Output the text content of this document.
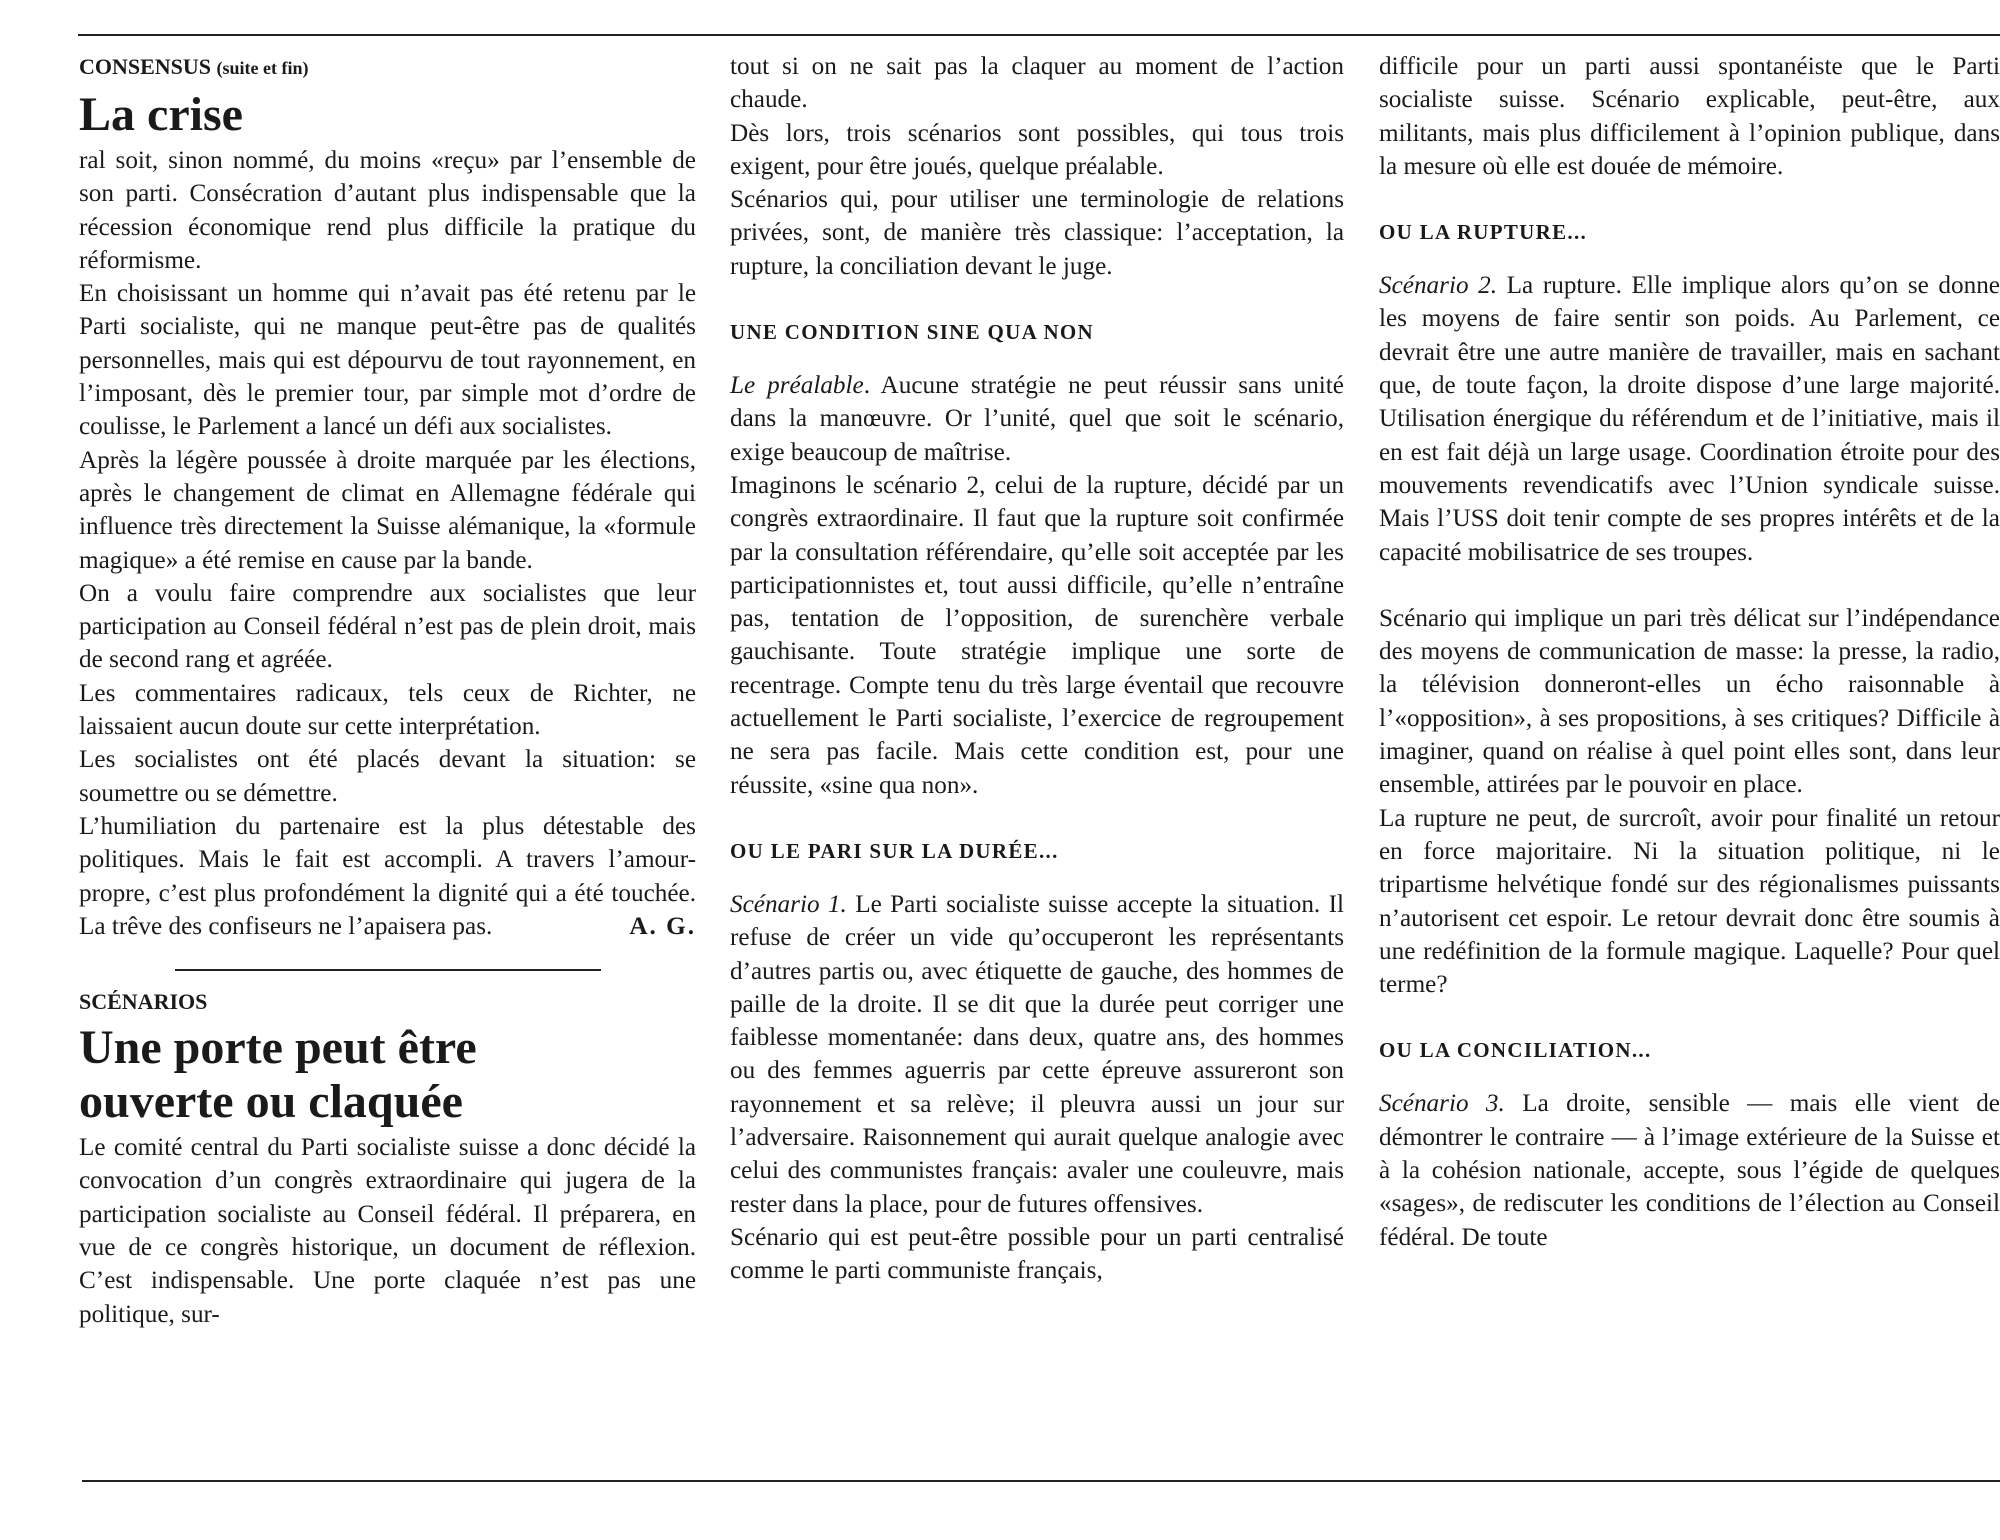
CONSENSUS (suite et fin)
La crise

ral soit, sinon nommé, du moins «reçu» par l’ensemble de son parti. Consécration d’autant plus indispensable que la récession économique rend plus difficile la pratique du réformisme.

En choisissant un homme qui n’avait pas été retenu par le Parti socialiste, qui ne manque peut-être pas de qualités personnelles, mais qui est dépourvu de tout rayonnement, en l’imposant, dès le premier tour, par simple mot d’ordre de coulisse, le Parlement a lancé un défi aux socialistes.

Après la légère poussée à droite marquée par les élections, après le changement de climat en Allemagne fédérale qui influence très directement la Suisse alémanique, la «formule magique» a été remise en cause par la bande.

On a voulu faire comprendre aux socialistes que leur participation au Conseil fédéral n’est pas de plein droit, mais de second rang et agréée.

Les commentaires radicaux, tels ceux de Richter, ne laissaient aucun doute sur cette interprétation.

Les socialistes ont été placés devant la situation: se soumettre ou se démettre.

L’humiliation du partenaire est la plus détestable des politiques. Mais le fait est accompli. A travers l’amour-propre, c’est plus profondément la dignité qui a été touchée. La trêve des confiseurs ne l’apaisera pas.	A. G.

SCÉNARIOS
Une porte peut être
ouverte ou claquée

Le comité central du Parti socialiste suisse a donc décidé la convocation d’un congrès extraordinaire qui jugera de la participation socialiste au Conseil fédéral. Il préparera, en vue de ce congrès historique, un document de réflexion. C’est indispensable. Une porte claquée n’est pas une politique, sur-

tout si on ne sait pas la claquer au moment de l’action chaude.

Dès lors, trois scénarios sont possibles, qui tous trois exigent, pour être joués, quelque préalable.

Scénarios qui, pour utiliser une terminologie de relations privées, sont, de manière très classique: l’acceptation, la rupture, la conciliation devant le juge.

UNE CONDITION SINE QUA NON

Le préalable. Aucune stratégie ne peut réussir sans unité dans la manœuvre. Or l’unité, quel que soit le scénario, exige beaucoup de maîtrise.

Imaginons le scénario 2, celui de la rupture, décidé par un congrès extraordinaire. Il faut que la rupture soit confirmée par la consultation référendaire, qu’elle soit acceptée par les participationnistes et, tout aussi difficile, qu’elle n’entraîne pas, tentation de l’opposition, de surenchère verbale gauchisante. Toute stratégie implique une sorte de recentrage. Compte tenu du très large éventail que recouvre actuellement le Parti socialiste, l’exercice de regroupement ne sera pas facile. Mais cette condition est, pour une réussite, «sine qua non».

OU LE PARI SUR LA DURÉE...

Scénario 1. Le Parti socialiste suisse accepte la situation. Il refuse de créer un vide qu’occuperont les représentants d’autres partis ou, avec étiquette de gauche, des hommes de paille de la droite. Il se dit que la durée peut corriger une faiblesse momentanée: dans deux, quatre ans, des hommes ou des femmes aguerris par cette épreuve assureront son rayonnement et sa relève; il pleuvra aussi un jour sur l’adversaire. Raisonnement qui aurait quelque analogie avec celui des communistes français: avaler une couleuvre, mais rester dans la place, pour de futures offensives.

Scénario qui est peut-être possible pour un parti centralisé comme le parti communiste français,

difficile pour un parti aussi spontanéiste que le Parti socialiste suisse. Scénario explicable, peut-être, aux militants, mais plus difficilement à l’opinion publique, dans la mesure où elle est douée de mémoire.

OU LA RUPTURE...

Scénario 2. La rupture. Elle implique alors qu’on se donne les moyens de faire sentir son poids. Au Parlement, ce devrait être une autre manière de travailler, mais en sachant que, de toute façon, la droite dispose d’une large majorité. Utilisation énergique du référendum et de l’initiative, mais il en est fait déjà un large usage. Coordination étroite pour des mouvements revendicatifs avec l’Union syndicale suisse. Mais l’USS doit tenir compte de ses propres intérêts et de la capacité mobilisatrice de ses troupes.

Scénario qui implique un pari très délicat sur l’indépendance des moyens de communication de masse: la presse, la radio, la télévision donneront-elles un écho raisonnable à l’«opposition», à ses propositions, à ses critiques? Difficile à imaginer, quand on réalise à quel point elles sont, dans leur ensemble, attirées par le pouvoir en place.

La rupture ne peut, de surcroît, avoir pour finalité un retour en force majoritaire. Ni la situation politique, ni le tripartisme helvétique fondé sur des régionalismes puissants n’autorisent cet espoir. Le retour devrait donc être soumis à une redéfinition de la formule magique. Laquelle? Pour quel terme?

OU LA CONCILIATION...

Scénario 3. La droite, sensible — mais elle vient de démontrer le contraire — à l’image extérieure de la Suisse et à la cohésion nationale, accepte, sous l’égide de quelques «sages», de rediscuter les conditions de l’élection au Conseil fédéral. De toute
